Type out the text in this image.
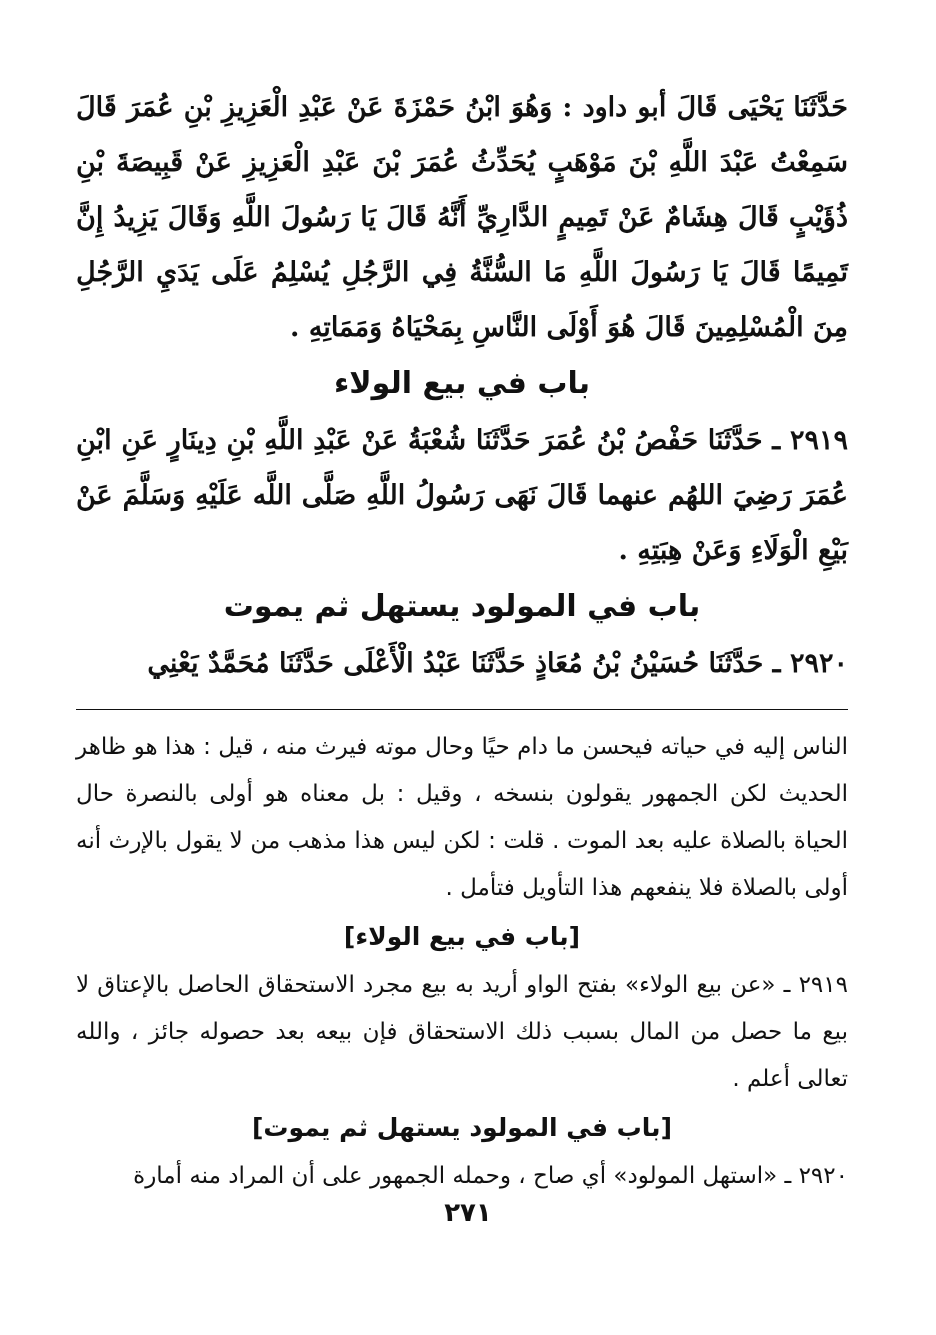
حَدَّثَنَا يَحْيَى قَالَ أبو داود : وَهُوَ ابْنُ حَمْزَةَ عَنْ عَبْدِ الْعَزِيزِ بْنِ عُمَرَ قَالَ سَمِعْتُ عَبْدَ اللَّهِ بْنَ مَوْهَبٍ يُحَدِّثُ عُمَرَ بْنَ عَبْدِ الْعَزِيزِ عَنْ قَبِيصَةَ بْنِ ذُؤَيْبٍ قَالَ هِشَامٌ عَنْ تَمِيمٍ الدَّارِيِّ أَنَّهُ قَالَ يَا رَسُولَ اللَّهِ وَقَالَ يَزِيدُ إِنَّ تَمِيمًا قَالَ يَا رَسُولَ اللَّهِ مَا السُّنَّةُ فِي الرَّجُلِ يُسْلِمُ عَلَى يَدَيِ الرَّجُلِ مِنَ الْمُسْلِمِينَ قَالَ هُوَ أَوْلَى النَّاسِ بِمَحْيَاهُ وَمَمَاتِهِ .

باب في بيع الولاء

٢٩١٩ ـ حَدَّثَنَا حَفْصُ بْنُ عُمَرَ حَدَّثَنَا شُعْبَةُ عَنْ عَبْدِ اللَّهِ بْنِ دِينَارٍ عَنِ ابْنِ عُمَرَ رَضِيَ اللهُم عنهما قَالَ نَهَى رَسُولُ اللَّهِ صَلَّى اللَّه عَلَيْهِ وَسَلَّمَ عَنْ بَيْعِ الْوَلَاءِ وَعَنْ هِبَتِهِ .

باب في المولود يستهل ثم يموت

٢٩٢٠ ـ حَدَّثَنَا حُسَيْنُ بْنُ مُعَاذٍ حَدَّثَنَا عَبْدُ الْأَعْلَى حَدَّثَنَا مُحَمَّدٌ يَعْنِي

الناس إليه في حياته فيحسن ما دام حيًا وحال موته فيرث منه ، قيل : هذا هو ظاهر الحديث لكن الجمهور يقولون بنسخه ، وقيل : بل معناه هو أولى بالنصرة حال الحياة بالصلاة عليه بعد الموت . قلت : لكن ليس هذا مذهب من لا يقول بالإرث أنه أولى بالصلاة فلا ينفعهم هذا التأويل فتأمل .

[باب في بيع الولاء]

٢٩١٩ ـ «عن بيع الولاء» بفتح الواو أريد به بيع مجرد الاستحقاق الحاصل بالإعتاق لا بيع ما حصل من المال بسبب ذلك الاستحقاق فإن بيعه بعد حصوله جائز ، والله تعالى أعلم .

[باب في المولود يستهل ثم يموت]

٢٩٢٠ ـ «استهل المولود» أي صاح ، وحمله الجمهور على أن المراد منه أمارة

٢٧١
